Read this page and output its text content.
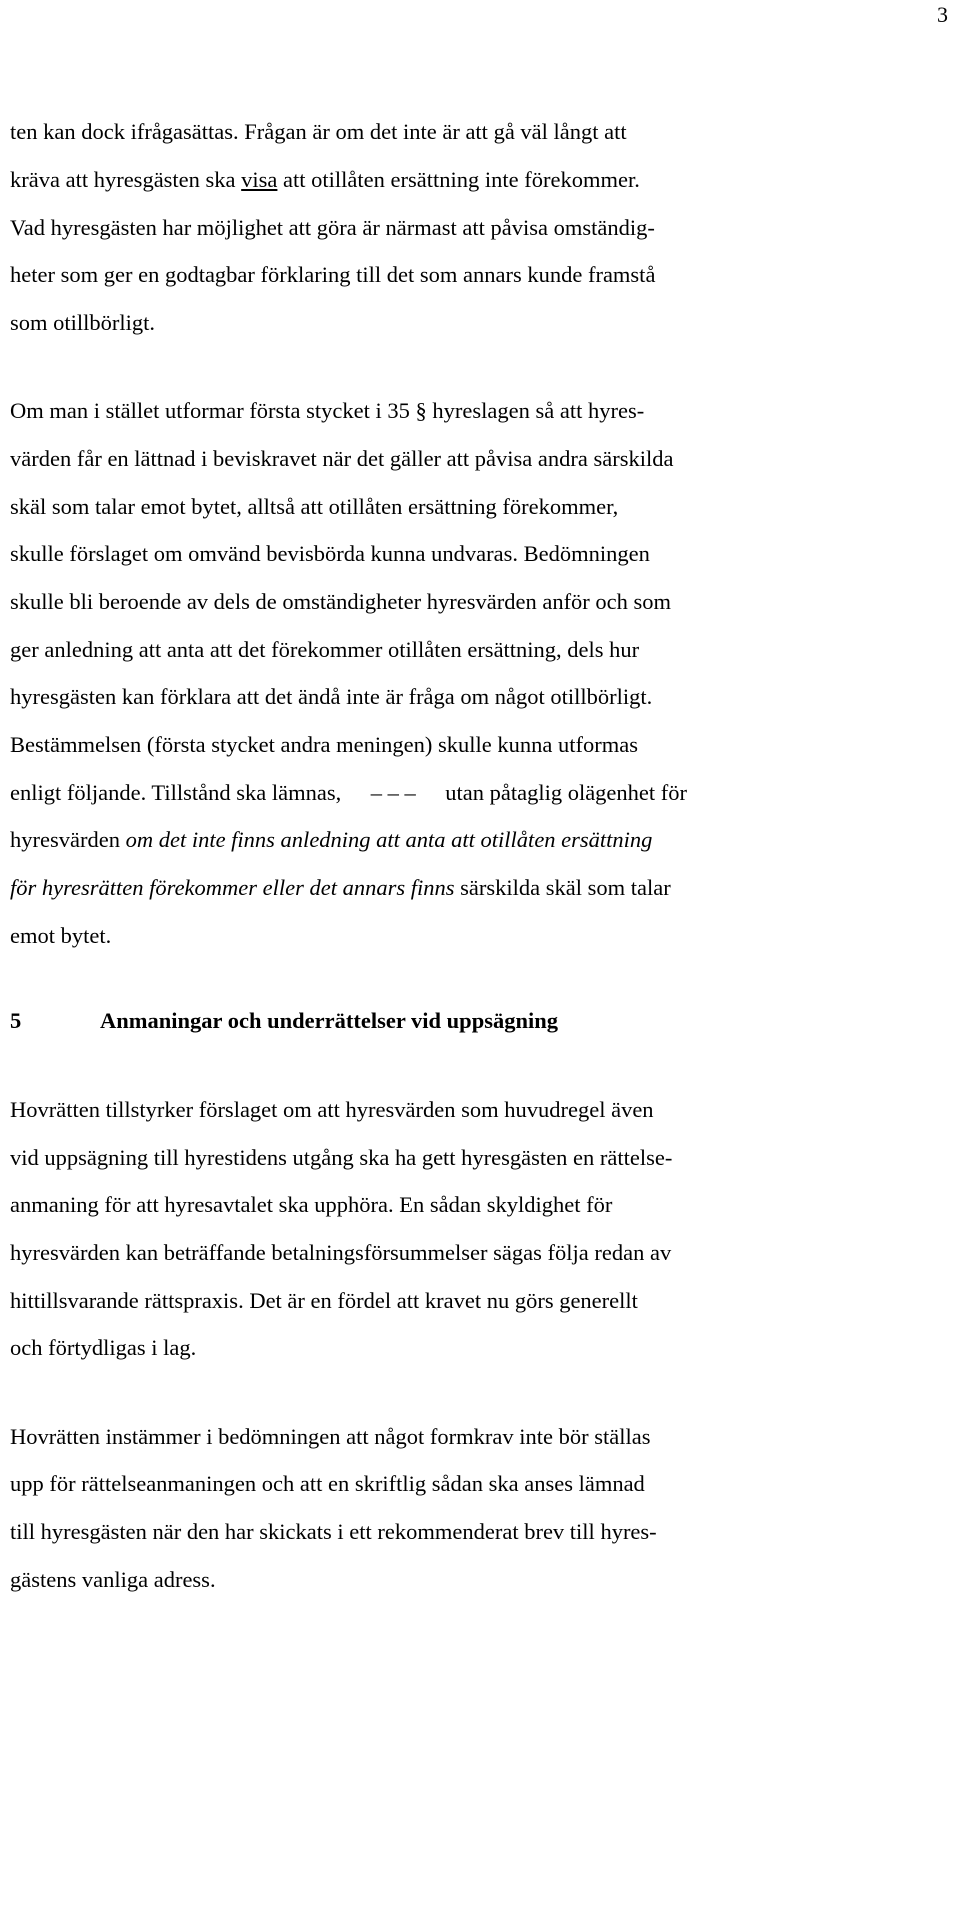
3
ten kan dock ifrågasättas. Frågan är om det inte är att gå väl långt att
kräva att hyresgästen ska visa att otillåten ersättning inte förekommer.
Vad hyresgästen har möjlighet att göra är närmast att påvisa omständig-
heter som ger en godtagbar förklaring till det som annars kunde framstå
som otillbörligt.
Om man i stället utformar första stycket i 35 § hyreslagen så att hyres-
värden får en lättnad i beviskravet när det gäller att påvisa andra särskilda
skäl som talar emot bytet, alltså att otillåten ersättning förekommer,
skulle förslaget om omvänd bevisbörda kunna undvaras. Bedömningen
skulle bli beroende av dels de omständigheter hyresvärden anför och som
ger anledning att anta att det förekommer otillåten ersättning, dels hur
hyresgästen kan förklara att det ändå inte är fråga om något otillbörligt.
Bestämmelsen (första stycket andra meningen) skulle kunna utformas
enligt följande. Tillstånd ska lämnas, – – – utan påtaglig olägenhet för
hyresvärden om det inte finns anledning att anta att otillåten ersättning
för hyresrätten förekommer eller det annars finns särskilda skäl som talar
emot bytet.
5	Anmaningar och underrättelser vid uppsägning
Hovrätten tillstyrker förslaget om att hyresvärden som huvudregel även
vid uppsägning till hyrestidens utgång ska ha gett hyresgästen en rättelse-
anmaning för att hyresavtalet ska upphöra. En sådan skyldighet för
hyresvärden kan beträffande betalningsförsummelser sägas följa redan av
hittillsvarande rättspraxis. Det är en fördel att kravet nu görs generellt
och förtydligas i lag.
Hovrätten instämmer i bedömningen att något formkrav inte bör ställas
upp för rättelseanmaningen och att en skriftlig sådan ska anses lämnad
till hyresgästen när den har skickats i ett rekommenderat brev till hyres-
gästens vanliga adress.
